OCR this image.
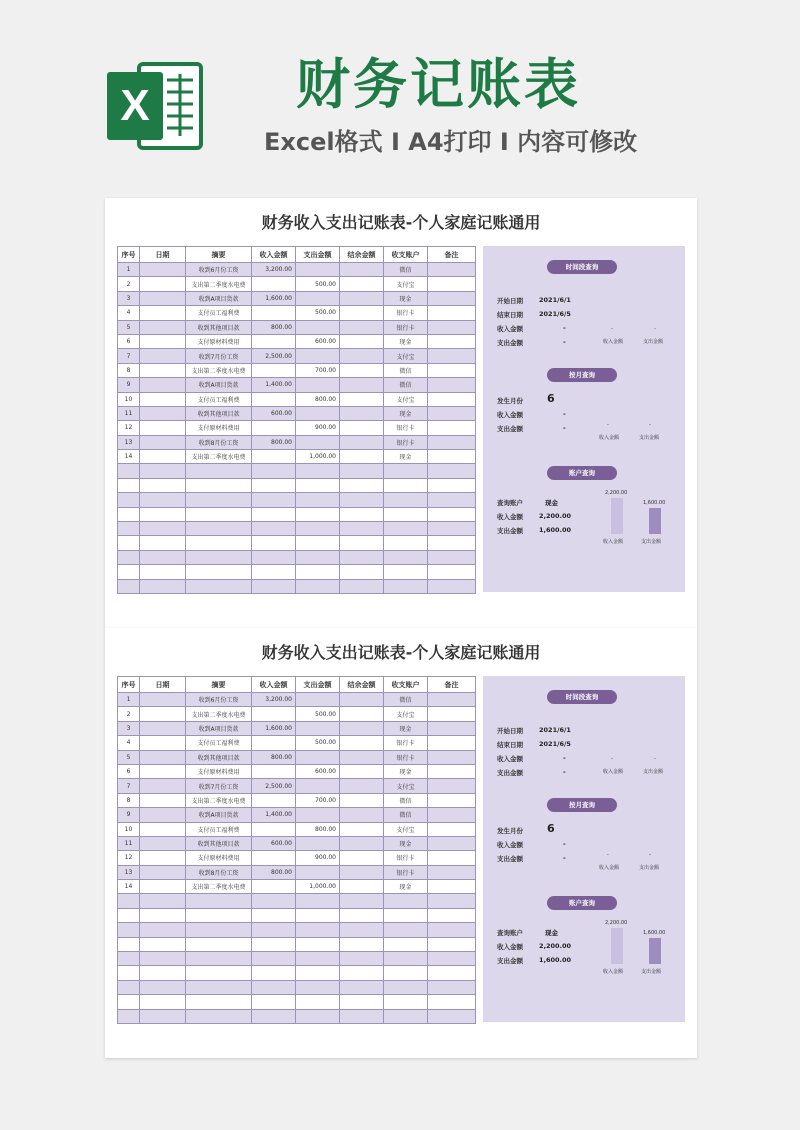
X	财务记账表
Excel格式 I A4打印 I 内容可修改
财务收入支出记账表-个人家庭记账通用
序号	日期	摘要	收入金额	支出金额	结余金额	收支账户	备注
1		收到6月份工资	3,200.00			微信	
2		支出第二季度水电费		500.00		支付宝	
3		收到A项目货款	1,600.00			现金	
4		支付员工福利费		500.00		银行卡	
5		收到其他项目款	800.00			银行卡	
6		支付原材料费用		600.00		现金	
7		收到7月份工资	2,500.00			支付宝	
8		支出第二季度水电费		700.00		微信	
9		收到A项目货款	1,400.00			微信	
10		支付员工福利费		800.00		支付宝	
11		收到其他项目款	600.00			现金	
12		支付原材料费用		900.00		银行卡	
13		收到8月份工资	800.00			银行卡	
14		支出第二季度水电费		1,000.00		现金	

时间段查询
开始日期 2021/6/1
结束日期 2021/6/5
收入金额	-
支出金额	-
-	-
收入金额	支出金额
按月查询
发生月份 6
收入金额	-
支出金额	-	-	-
收入金额	支出金额
账户查询
查询账户	现金
收入金额 2,200.00
支出金额 1,600.00
2,200.00
1,600.00
收入金额	支出金额
财务收入支出记账表-个人家庭记账通用
序号	日期	摘要	收入金额	支出金额	结余金额	收支账户	备注
1		收到6月份工资	3,200.00			微信	
2		支出第二季度水电费		500.00		支付宝	
3		收到A项目货款	1,600.00			现金	
4		支付员工福利费		500.00		银行卡	
5		收到其他项目款	800.00			银行卡	
6		支付原材料费用		600.00		现金	
7		收到7月份工资	2,500.00			支付宝	
8		支出第二季度水电费		700.00		微信	
9		收到A项目货款	1,400.00			微信	
10		支付员工福利费		800.00		支付宝	
11		收到其他项目款	600.00			现金	
12		支付原材料费用		900.00		银行卡	
13		收到8月份工资	800.00			银行卡	
14		支出第二季度水电费		1,000.00		现金	

时间段查询
开始日期 2021/6/1
结束日期 2021/6/5
收入金额	-
支出金额	-
-	-
收入金额	支出金额
按月查询
发生月份 6
收入金额	-
支出金额	-	-	-
收入金额	支出金额
账户查询
查询账户	现金
收入金额 2,200.00
支出金额 1,600.00
2,200.00
1,600.00
收入金额	支出金额
